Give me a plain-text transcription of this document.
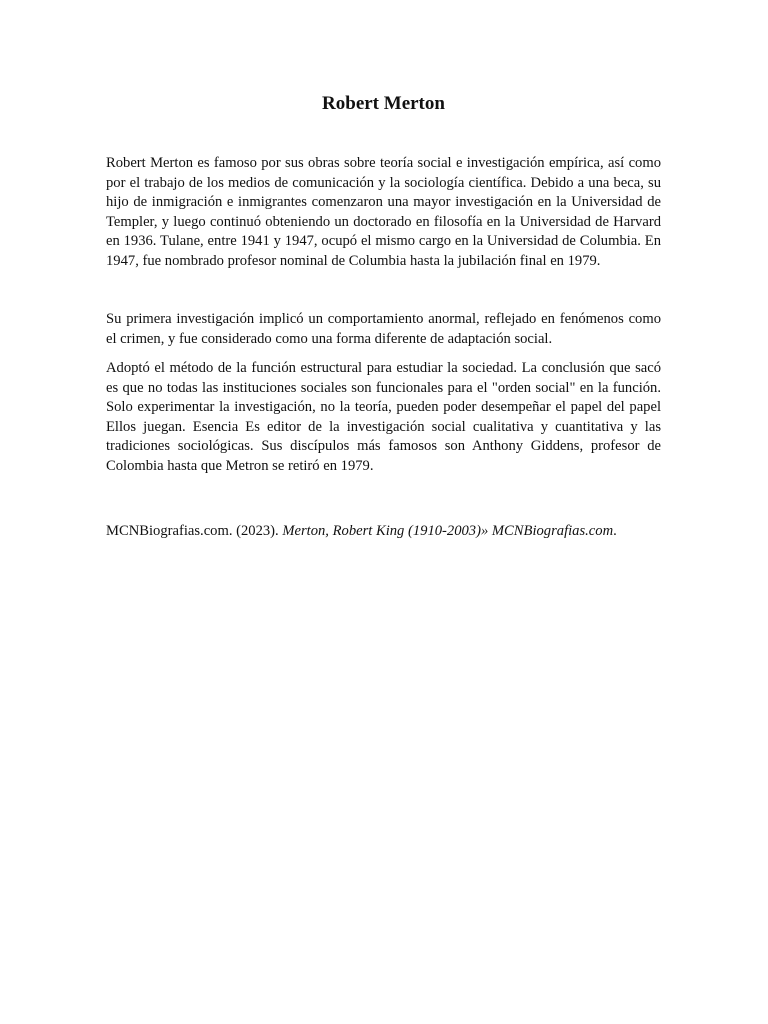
Robert Merton

Robert Merton es famoso por sus obras sobre teoría social e investigación empírica, así como por el trabajo de los medios de comunicación y la sociología científica. Debido a una beca, su hijo de inmigración e inmigrantes comenzaron una mayor investigación en la Universidad de Templer, y luego continuó obteniendo un doctorado en filosofía en la Universidad de Harvard en 1936. Tulane, entre 1941 y 1947, ocupó el mismo cargo en la Universidad de Columbia. En 1947, fue nombrado profesor nominal de Columbia hasta la jubilación final en 1979.

Su primera investigación implicó un comportamiento anormal, reflejado en fenómenos como el crimen, y fue considerado como una forma diferente de adaptación social.

Adoptó el método de la función estructural para estudiar la sociedad. La conclusión que sacó es que no todas las instituciones sociales son funcionales para el "orden social" en la función. Solo experimentar la investigación, no la teoría, pueden poder desempeñar el papel del papel Ellos juegan. Esencia Es editor de la investigación social cualitativa y cuantitativa y las tradiciones sociológicas. Sus discípulos más famosos son Anthony Giddens, profesor de Colombia hasta que Metron se retiró en 1979.

MCNBiografias.com. (2023). Merton, Robert King (1910-2003)» MCNBiografias.com.
